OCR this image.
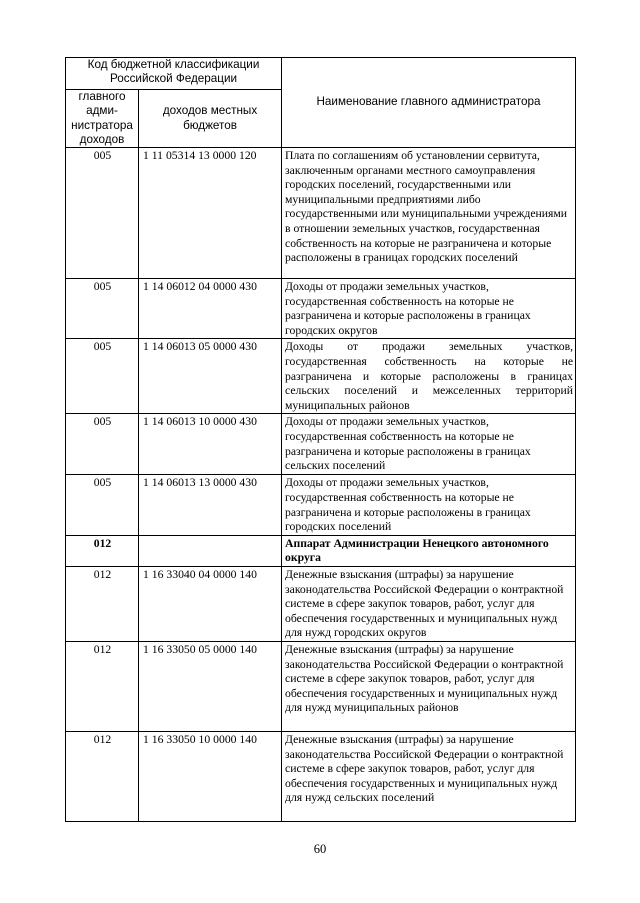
Код бюджетной классификации Российской Федерации		Наименование главного администратора
главного адми-нистратора доходов	доходов местных бюджетов	
005	1 11 05314 13 0000 120	Плата по соглашениям об установлении сервитута, заключенным органами местного самоуправления городских поселений, государственными или муниципальными предприятиями либо государственными или муниципальными учреждениями в отношении земельных участков, государственная собственность на которые не разграничена и которые расположены в границах городских поселений
005	1 14 06012 04 0000 430	Доходы от продажи земельных участков, государственная собственность на которые не разграничена и которые расположены в границах городских округов
005	1 14 06013 05 0000 430	Доходы от продажи земельных участков, государственная собственность на которые не разграничена и которые расположены в границах сельских поселений и межселенных территорий муниципальных районов
005	1 14 06013 10 0000 430	Доходы от продажи земельных участков, государственная собственность на которые не разграничена и которые расположены в границах сельских поселений
005	1 14 06013 13 0000 430	Доходы от продажи земельных участков, государственная собственность на которые не разграничена и которые расположены в границах городских поселений
012		Аппарат Администрации Ненецкого автономного округа
012	1 16 33040 04 0000 140	Денежные взыскания (штрафы) за нарушение законодательства Российской Федерации о контрактной системе в сфере закупок товаров, работ, услуг для обеспечения государственных и муниципальных нужд для нужд городских округов
012	1 16 33050 05 0000 140	Денежные взыскания (штрафы) за нарушение законодательства Российской Федерации о контрактной системе в сфере закупок товаров, работ, услуг для обеспечения государственных и муниципальных нужд для нужд муниципальных районов
012	1 16 33050 10 0000 140	Денежные взыскания (штрафы) за нарушение законодательства Российской Федерации о контрактной системе в сфере закупок товаров, работ, услуг для обеспечения государственных и муниципальных нужд для нужд сельских поселений
60
